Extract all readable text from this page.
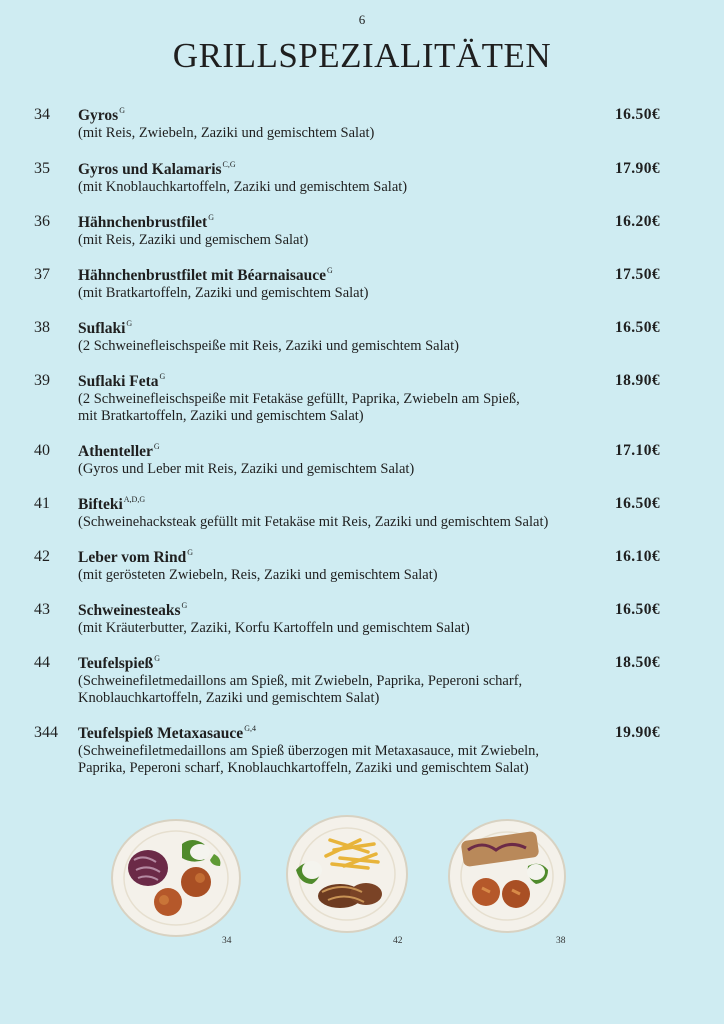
6
GRILLSPEZIALITÄTEN
34 Gyros$^G$
(mit Reis, Zwiebeln, Zaziki und gemischtem Salat)
16.50€
35 Gyros und Kalamaris$^{C,G}$
(mit Knoblauchkartoffeln, Zaziki und gemischtem Salat)
17.90€
36 Hähnchenbrustfilet$^G$
(mit Reis, Zaziki und gemischem Salat)
16.20€
37 Hähnchenbrustfilet mit Béarnaisauce$^G$
(mit Bratkartoffeln, Zaziki und gemischtem Salat)
17.50€
38 Suflaki$^G$
(2 Schweinefleischspeiße mit Reis, Zaziki und gemischtem Salat)
16.50€
39 Suflaki Feta$^G$
(2 Schweinefleischspeiße mit Fetakäse gefüllt, Paprika, Zwiebeln am Spieß,
mit Bratkartoffeln, Zaziki und gemischtem Salat)
18.90€
40 Athenteller$^G$
(Gyros und Leber mit Reis, Zaziki und gemischtem Salat)
17.10€
41 Bifteki$^{A,D,G}$
(Schweinehacksteak gefüllt mit Fetakäse mit Reis, Zaziki und gemischtem Salat)
16.50€
42 Leber vom Rind$^G$
(mit gerösteten Zwiebeln, Reis, Zaziki und gemischtem Salat)
16.10€
43 Schweinesteaks$^G$
(mit Kräuterbutter, Zaziki, Korfu Kartoffeln und gemischtem Salat)
16.50€
44 Teufelspieß$^G$
(Schweinefiletmedaillons am Spieß, mit Zwiebeln, Paprika, Peperoni scharf,
Knoblauchkartoffeln, Zaziki und gemischtem Salat)
18.50€
344 Teufelspieß Metaxasauce$^{G,4}$
(Schweinefiletmedaillons am Spieß überzogen mit Metaxasauce, mit Zwiebeln,
Paprika, Peperoni scharf, Knoblauchkartoffeln, Zaziki und gemischtem Salat)
19.90€
34	42	38
